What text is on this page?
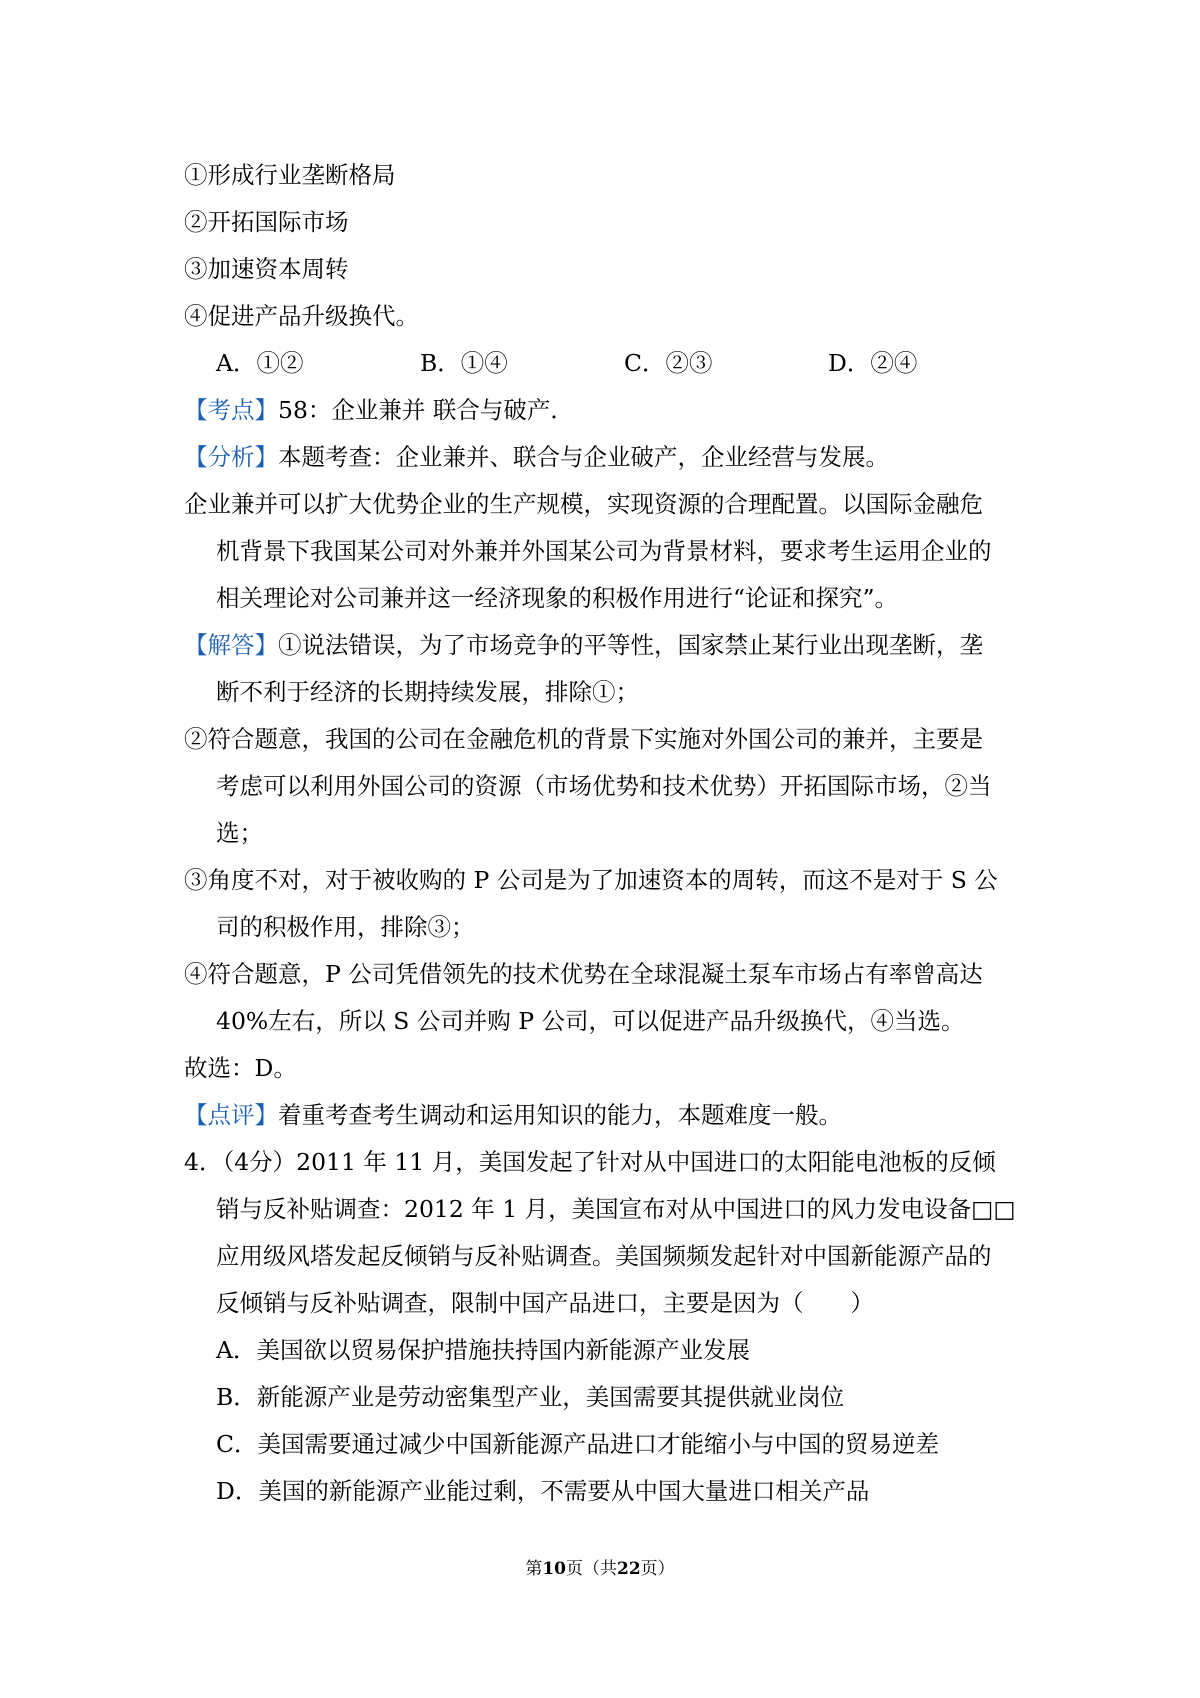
①形成行业垄断格局
②开拓国际市场
③加速资本周转
④促进产品升级换代。
A．①②	B．①④	C．②③	D．②④
【考点】58：企业兼并 联合与破产．
【分析】本题考查：企业兼并、联合与企业破产，企业经营与发展。
企业兼并可以扩大优势企业的生产规模，实现资源的合理配置。以国际金融危
机背景下我国某公司对外兼并外国某公司为背景材料，要求考生运用企业的
相关理论对公司兼并这一经济现象的积极作用进行“论证和探究”。
【解答】①说法错误，为了市场竞争的平等性，国家禁止某行业出现垄断，垄
断不利于经济的长期持续发展，排除①；
②符合题意，我国的公司在金融危机的背景下实施对外国公司的兼并，主要是
考虑可以利用外国公司的资源（市场优势和技术优势）开拓国际市场，②当
选；
③角度不对，对于被收购的 P 公司是为了加速资本的周转，而这不是对于 S 公
司的积极作用，排除③；
④符合题意，P 公司凭借领先的技术优势在全球混凝土泵车市场占有率曾高达
40%左右，所以 S 公司并购 P 公司，可以促进产品升级换代，④当选。
故选：D。
【点评】着重考查考生调动和运用知识的能力，本题难度一般。
4．（4分）2011 年 11 月，美国发起了针对从中国进口的太阳能电池板的反倾
销与反补贴调查：2012 年 1 月，美国宣布对从中国进口的风力发电设备□□
应用级风塔发起反倾销与反补贴调查。美国频频发起针对中国新能源产品的
反倾销与反补贴调查，限制中国产品进口，主要是因为（　　）
A．美国欲以贸易保护措施扶持国内新能源产业发展
B．新能源产业是劳动密集型产业，美国需要其提供就业岗位
C．美国需要通过减少中国新能源产品进口才能缩小与中国的贸易逆差
D．美国的新能源产业能过剩，不需要从中国大量进口相关产品
第10页（共22页）
